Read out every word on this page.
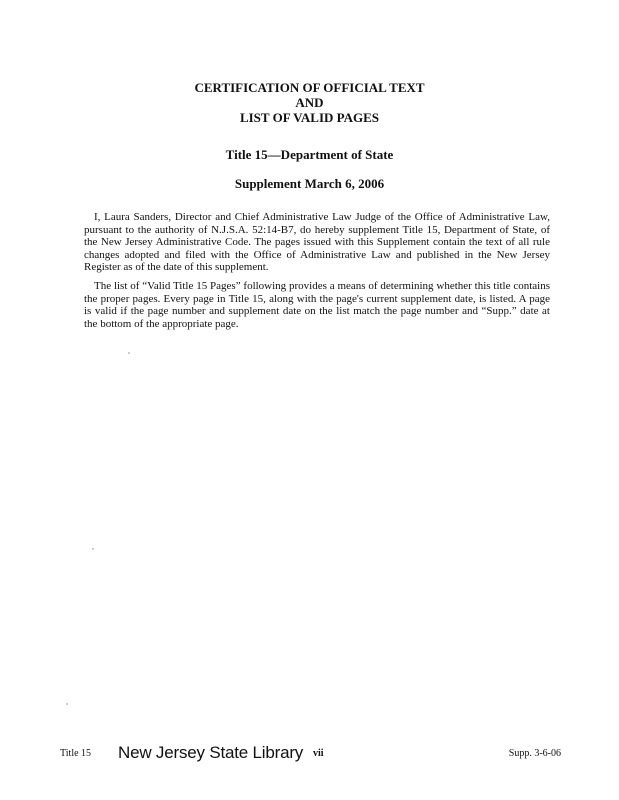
CERTIFICATION OF OFFICIAL TEXT
AND
LIST OF VALID PAGES
Title 15—Department of State
Supplement March 6, 2006

I, Laura Sanders, Director and Chief Administrative Law Judge of the Office of Administrative Law, pursuant to the authority of N.J.S.A. 52:14-B7, do hereby supplement Title 15, Department of State, of the New Jersey Administrative Code. The pages issued with this Supplement contain the text of all rule changes adopted and filed with the Office of Administrative Law and published in the New Jersey Register as of the date of this supplement.

The list of “Valid Title 15 Pages” following provides a means of determining whether this title contains the proper pages. Every page in Title 15, along with the page's current supplement date, is listed. A page is valid if the page number and supplement date on the list match the page number and “Supp.” date at the bottom of the appropriate page.

Title 15 New Jersey State Library vii	Supp. 3-6-06
